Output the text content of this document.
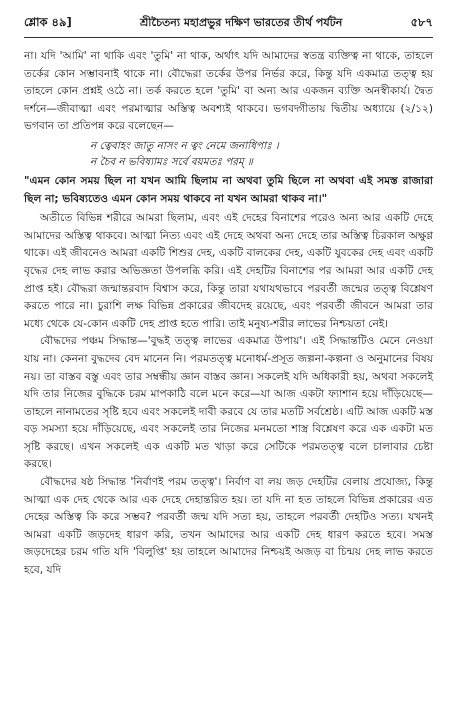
শ্লোক ৪৯]	শ্রীচৈতন্য মহাপ্রভুর দক্ষিণ ভারতের তীর্থ পর্যটন	৫৮৭

না। যদি 'আমি' না থাকি এবং 'তুমি' না থাক, অর্থাৎ যদি আমাদের স্বতন্ত্র ব্যক্তিত্ব না থাকে, তাহলে তর্কের কোন সম্ভাবনাই থাকে না। বৌদ্ধেরা তর্কের উপর নির্ভর করে, কিন্তু যদি একমাত্র তত্ত্ব হয় তাহলে কোন প্রশ্নই ওঠে না। তর্ক করতে হলে 'তুমি' বা অন্য আর একজন ব্যক্তি অনস্বীকার্য। দ্বৈত দর্শনে—জীবাত্মা এবং পরমাত্মার অস্তিত্ব অবশ্যই থাকবে। ভগবদ্গীতায় দ্বিতীয় অধ্যায়ে (২/১২) ভগবান তা প্রতিপন্ন করে বলেছেন—

ন ত্বেবাহং জাতু নাসং ন ত্বং নেমে জনাধিপাঃ ।
ন চৈব ন ভবিষ্যামঃ সর্বে বয়মতঃ পরম্ ॥

"এমন কোন সময় ছিল না যখন আমি ছিলাম না অথবা তুমি ছিলে না অথবা এই সমস্ত রাজারা ছিল না; ভবিষ্যতেও এমন কোন সময় থাকবে না যখন আমরা থাকব না।"

অতীতে বিভিন্ন শরীরে আমরা ছিলাম, এবং এই দেহের বিনাশের পরেও অন্য আর একটি দেহে আমাদের অস্তিত্ব থাকবে। আত্মা নিত্য এবং এই দেহে অথবা অন্য দেহে তার অস্তিত্ব চিরকাল অক্ষুণ্ণ থাকে। এই জীবনেও আমরা একটি শিশুর দেহ, একটি বালকের দেহ, একটি যুবকের দেহ এবং একটি বৃদ্ধের দেহ লাভ করার অভিজ্ঞতা উপলব্ধি করি। এই দেহটির বিনাশের পর আমরা আর একটি দেহ প্রাপ্ত হই। বৌদ্ধরা জন্মান্তরবাদ বিশ্বাস করে, কিন্তু তারা যথাযথভাবে পরবর্তী জন্মের তত্ত্ব বিশ্লেষণ করতে পারে না। চুরাশি লক্ষ বিভিন্ন প্রকারের জীবদেহ রয়েছে, এবং পরবর্তী জীবনে আমরা তার মধ্যে থেকে যে-কোন একটি দেহ প্রাপ্ত হতে পারি। তাই মনুষ্য-শরীর লাভের নিশ্চয়তা নেই।

বৌদ্ধদের পঞ্চম সিদ্ধান্ত—'বুদ্ধই তত্ত্ব লাভের একমাত্র উপায়'। এই সিদ্ধান্তটিও মেনে নেওয়া যায় না। কেননা বুদ্ধদেব বেদ মানেন নি। পরমতত্ত্ব মনোধর্ম-প্রসূত জল্পনা-কল্পনা ও অনুমানের বিষয় নয়। তা বাস্তব বস্তু এবং তার সম্বন্ধীয় জ্ঞান বাস্তব জ্ঞান। সকলেই যদি অধিকারী হয়, অথবা সকলেই যদি তার নিজের বুদ্ধিকে চরম মাপকাঠি বলে মনে করে—যা আজ একটা ফ্যাশান হয়ে দাঁড়িয়েছে—তাহলে নানামতের সৃষ্টি হবে এবং সকলেই দাবী করবে যে তার মতটি সর্বশ্রেষ্ঠ। এটি আজ একটি মস্ত বড় সমস্যা হয়ে দাঁড়িয়েছে, এবং সকলেই তার নিজের মনমতো শাস্ত্র বিশ্লেষণ করে এক একটা মত সৃষ্টি করছে। এখন সকলেই এক একটি মত খাড়া করে সেটিকে পরমতত্ত্ব বলে চালাবার চেষ্টা করছে।

বৌদ্ধদের ষষ্ঠ সিদ্ধান্ত 'নির্বাণই পরম তত্ত্ব'। নির্বাণ বা লয় জড় দেহটির বেলায় প্রযোজ্য, কিন্তু আত্মা এক দেহ থেকে আর এক দেহে দেহান্তরিত হয়। তা যদি না হত তাহলে বিভিন্ন প্রকারের এত দেহের অস্তিত্ব কি করে সম্ভব? পরবর্তী জন্ম যদি সত্য হয়, তাহলে পরবর্তী দেহটিও সত্য। যখনই আমরা একটি জড়দেহ ধারণ করি, তখন আমাদের আর একটি দেহ ধারণ করতে হবে। সমস্ত জড়দেহের চরম গতি যদি 'বিলুপ্তি' হয় তাহলে আমাদের নিশ্চয়ই অজড় বা চিন্ময় দেহ লাভ করতে হবে, যদি
